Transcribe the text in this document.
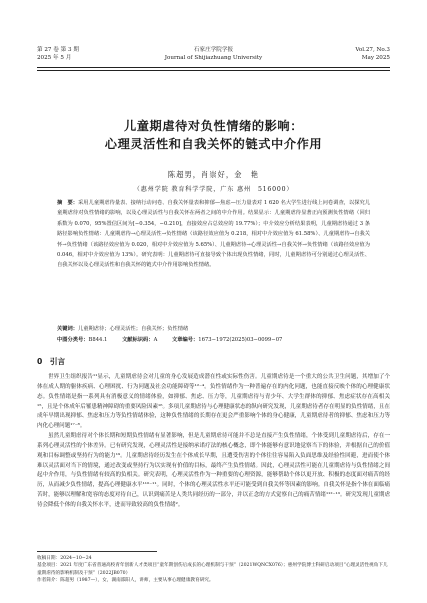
第 27 卷 第 3 期
2025 年 5 月
石家庄学院学报
Journal of Shijiazhuang University
Vol.27, No.3
May 2025
儿童期虐待对负性情绪的影响：
心理灵活性和自我关怀的链式中介作用
陈超男，肖崇好，金　艳
（惠州学院 教育科学学院，广东 惠州　516000）
摘　要：采用儿童期虐待量表、接纳行动问卷、自我关怀量表和抑郁—焦虑—压力量表对 1 620 名大学生进行线上问卷调查，以探究儿童期虐待对负性情绪的影响，以及心理灵活性与自我关怀在两者之间的中介作用。结果显示：儿童期虐待显著正向预测负性情绪（回归系数为 0.070，95%置信区间为[−0.354，−0.210]，直接效应占总效应的 19.77%）；中介效应分析结果表明，儿童期虐待通过 3 条路径影响负性情绪：儿童期虐待→心理灵活性→负性情绪（该路径效应值为 0.218，相对中介效应值为 61.58%）、儿童期虐待→自我关怀→负性情绪（该路径效应值为 0.020，相对中介效应值为 5.65%）、儿童期虐待→心理灵活性→自我关怀→负性情绪（该路径效应值为 0.046，相对中介效应值为 13%）。研究表明：儿童期虐待可直接导致个体出现负性情绪，同时，儿童期虐待可分别通过心理灵活性、自我关怀以及心理灵活性和自我关怀的链式中介作用影响负性情绪。
关键词：儿童期虐待；心理灵活性；自我关怀；负性情绪
中图分类号：B844.1	文献标识码：A	文章编号：1673−1972(2025)03−0099−07
0　引言

世界卫生组织报告¹¹显示，儿童期虐待会对儿童的身心发展造成潜在性或实际性伤害。儿童期虐待是一个重大的公共卫生问题，其增加了个体在成人期的躯体疾病、心理困扰、行为问题及社会功能障碍等¹²⁻⁴。负性情绪作为一种普遍存在的内化问题，也能直接反映个体的心理健康状态。负性情绪是指一系列具有消极意义的情绪体验，如抑郁、焦虑、压力等，儿童期虐待与青少年、大学生群体的抑郁、焦虑症状存在高相关¹⁵，且是个体成年后罹患精神障碍的重要风险因素¹⁶。多项儿童期虐待与心理健康状态的纵向研究发现，儿童期虐待者存在明显的负性情绪，且在成年早期出现抑郁、焦虑和压力等负性情绪体验，这种负性情绪的长期存在更会严重影响个体的身心健康，儿童期虐待者的抑郁、焦虑和压力等内化心理问题¹⁷⁻⁸。

虽然儿童期虐待对个体长期和短期负性情绪有显著影响，但是儿童期虐待可能并不总是直接产生负性情绪，个体受到儿童期虐待后，存在一系列心理灵活性的个体差异。已有研究发现，心理灵活性是接纳承诺疗法的核心概念，即个体能够有意识地觉察当下的体验，并根据自己的价值观和目标调整或坚持行为的能力¹⁹。儿童期虐待经历发生在个体成长早期，且遭受伤害的个体往往容易陷入负面思维及经验性回避，进而使个体难以灵活面对当下的情境，通过改变或坚持行为以实现有价值的目标，最终产生负性情绪。因此，心理灵活性可能在儿童期虐待与负性情绪之间起中介作用，与负性情绪有较高的负相关。研究表明，心理灵活性作为一种重要的心理资源，能够帮助个体以更开放、积极的态度面对痛苦的经历，从而减少负性情绪，提高心理健康水平¹¹⁰⁻¹¹。同时，个体的心理灵活性水平还可能受到自我关怀等因素的影响。自我关怀是指个体在面临痛苦时，能够以理解和宽容的态度对待自己，认识到痛苦是人类共同经历的一部分，并以正念的方式觉察自己的痛苦情绪¹¹²⁻¹³。研究发现儿童期虐待会降低个体的自我关怀水平，进而导致较高的负性情绪²。

收稿日期：2024−10−24
基金项目：2021 年度广东省普通高校青年创新人才类项目“童年期创伤后成长的心理机制与干预”（2021WQNCX076）；惠州学院博士科研启动项目“心理灵活性视角下儿童期虐待的影响机制及干预”（2022JB070）
作者简介：陈超男（1987—），女，湖南邵阳人，讲师，主要从事心理健康教育研究。
